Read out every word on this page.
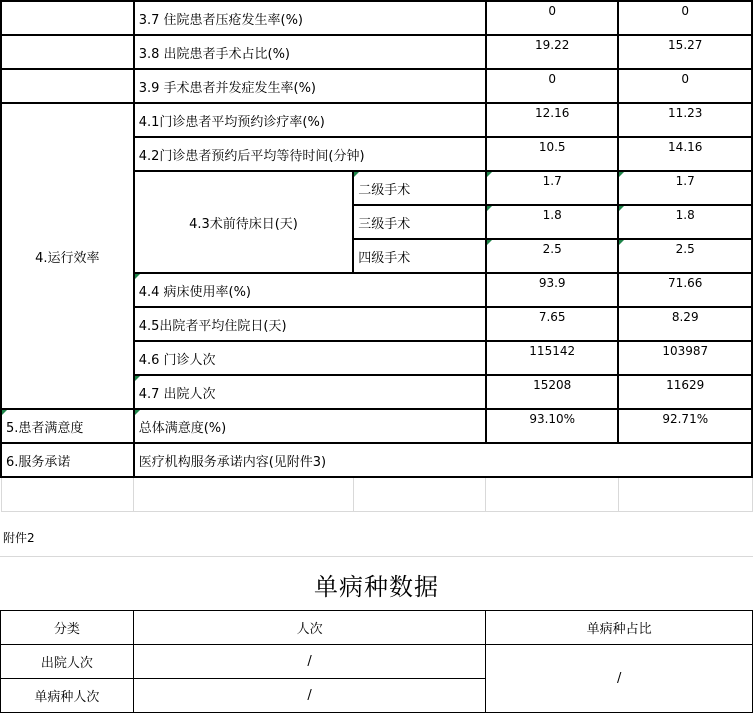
	3.7 住院患者压疮发生率(%)		0	0
	3.8 出院患者手术占比(%)		19.22	15.27
	3.9 手术患者并发症发生率(%)		0	0
4.运行效率	4.1门诊患者平均预约诊疗率(%)		12.16	11.23
	4.2门诊患者预约后平均等待时间(分钟)		10.5	14.16
	4.3术前待床日(天)	二级手术	1.7	1.7
		三级手术	1.8	1.8
		四级手术	2.5	2.5
	4.4 病床使用率(%)		93.9	71.66
	4.5出院者平均住院日(天)		7.65	8.29
	4.6 门诊人次		115142	103987
	4.7 出院人次		15208	11629
5.患者满意度	总体满意度(%)		93.10%	92.71%
6.服务承诺	医疗机构服务承诺内容(见附件3)			

附件2
单病种数据
分类	人次	单病种占比
出院人次	/	/
单病种人次	/	
